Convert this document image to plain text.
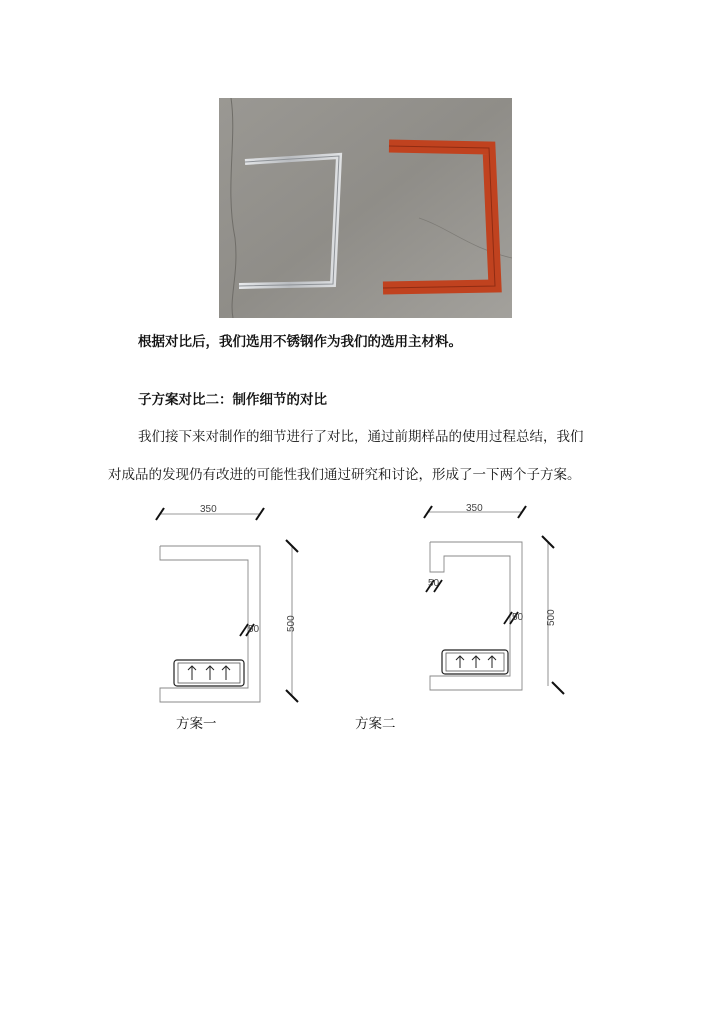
根据对比后，我们选用不锈钢作为我们的选用主材料。
子方案对比二：制作细节的对比
我们接下来对制作的细节进行了对比，通过前期样品的使用过程总结，我们
对成品的发现仍有改进的可能性我们通过研究和讨论，形成了一下两个子方案。
350
500
50
350
500
50
50
方案一	方案二
